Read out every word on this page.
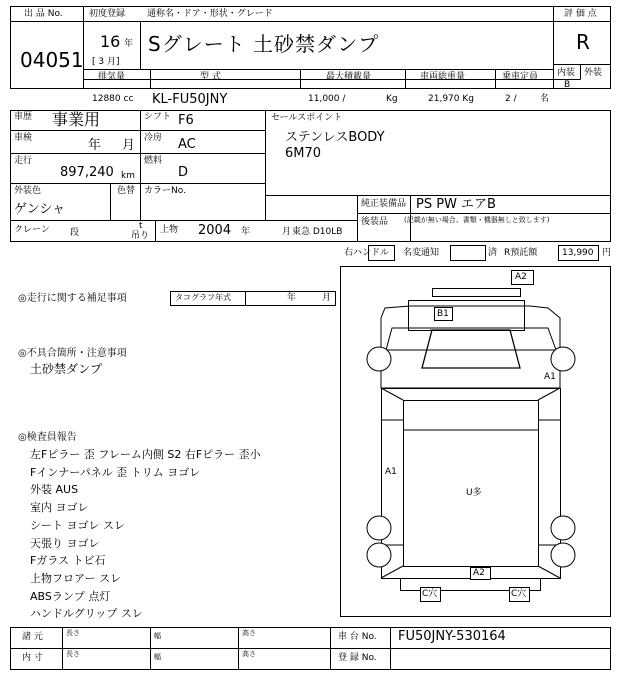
出 品 No.	初度登録 通称名・ドア・形状・グレード	評 価 点
04051
16 年
[ 3 月]
Sグレート 土砂禁ダンプ	R
内装 外装
B
排気量	型 式	最大積載量	車両総重量	乗車定員
12880 cc KL-FU50JNY	11,000 /	Kg	21,970 Kg	2 /	名
車歴 事業用	シフト F6
車検	年 月 冷房 AC
走行
897,240 km
燃料
D
外装色	色替 カラーNo.
ゲンシャ
クレーン 段
t
吊り
上物 2004 年	月 東急 D10LB
セールスポイント
ステンレスBODY
6M70
純正装備品 PS PW エアB
後装品 (記載が無い場合、書類・機器無しと致します)
右ハンドル 名変通知	済 R預託額	13,990 円
◎走行に関する補足事項	タコグラフ年式	年	月
◎不具合箇所・注意事項
土砂禁ダンプ
◎検査員報告
左Fピラー 歪 フレーム内側 S2 右Fピラー 歪小
Fインナーパネル 歪 トリム ヨゴレ
外装 AUS
室内 ヨゴレ
シート ヨゴレ スレ
天張り ヨゴレ
Fガラス トビ石
上物フロアー スレ
ABSランプ 点灯
ハンドルグリップ スレ
A2
B1
A1
A1
U多
A2
C穴	C穴
諸 元	長さ	幅	高さ
内 寸	長さ	幅	高さ
車 台 No. FU50JNY-530164
登 録 No.
